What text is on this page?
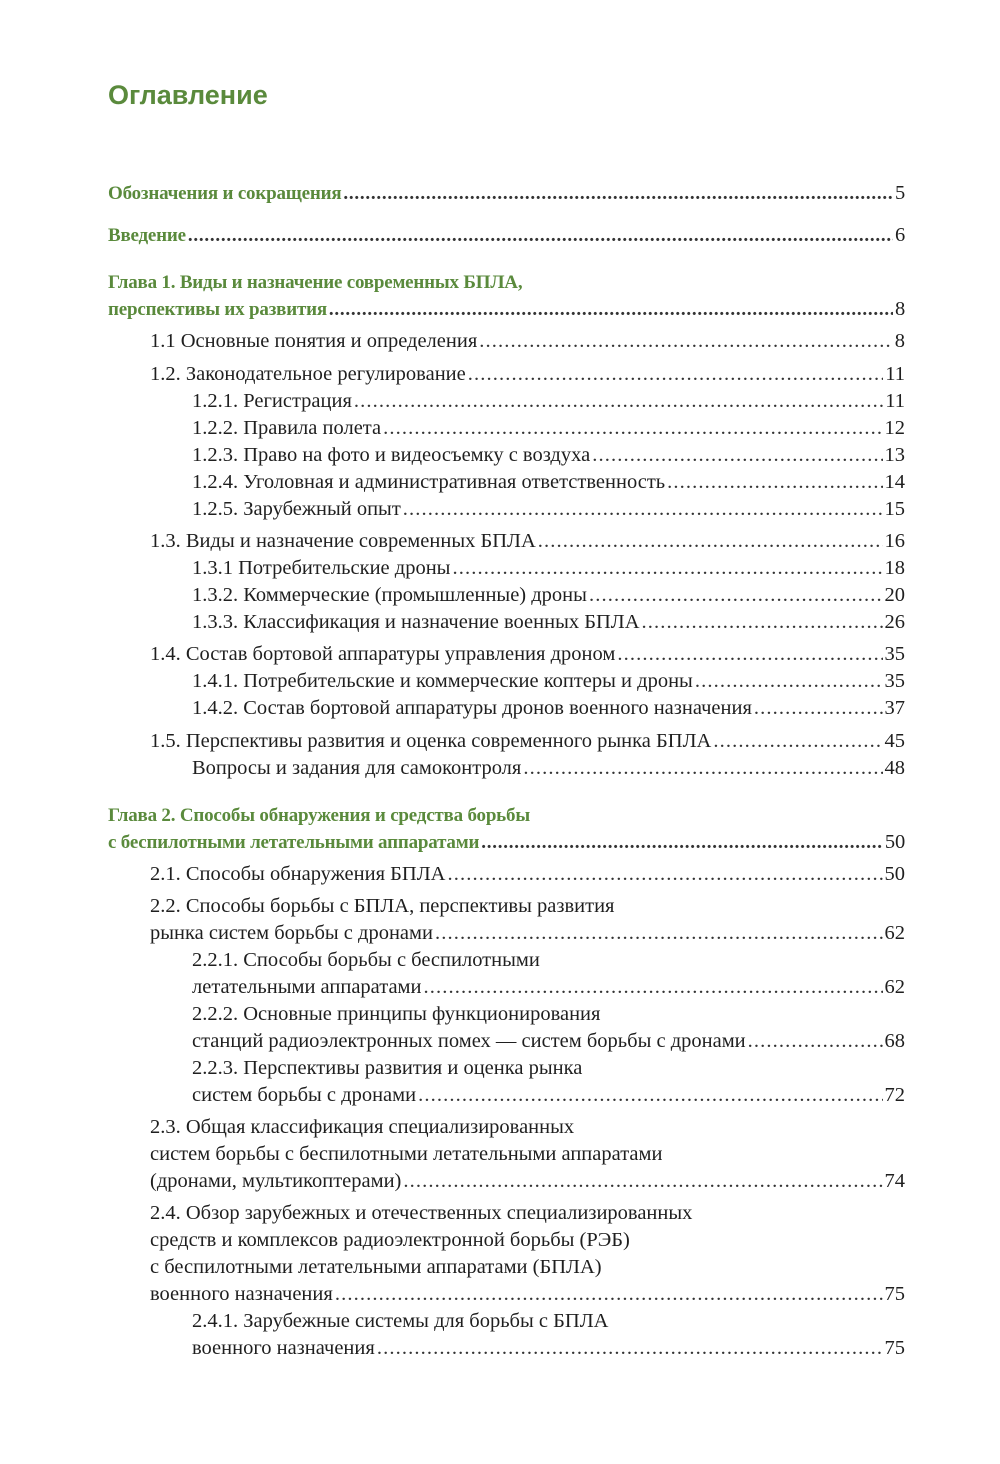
Оглавление
Обозначения и сокращения . . .	5
Введение . . .	6
Глава 1. Виды и назначение современных БПЛА,
перспективы их развития . . .	8
1.1 Основные понятия и определения . . .	8
1.2. Законодательное регулирование . . .	11
1.2.1. Регистрация . . .	11
1.2.2. Правила полета . . .	12
1.2.3. Право на фото и видеосъемку с воздуха . . .	13
1.2.4. Уголовная и административная ответственность . . .	14
1.2.5. Зарубежный опыт . . .	15
1.3. Виды и назначение современных БПЛА . . .	16
1.3.1 Потребительские дроны . . .	18
1.3.2. Коммерческие (промышленные) дроны . . .	20
1.3.3. Классификация и назначение военных БПЛА . . .	26
1.4. Состав бортовой аппаратуры управления дроном . . .	35
1.4.1. Потребительские и коммерческие коптеры и дроны . . .	35
1.4.2. Состав бортовой аппаратуры дронов военного назначения . . .	37
1.5. Перспективы развития и оценка современного рынка БПЛА . . .	45
Вопросы и задания для самоконтроля . . .	48
Глава 2. Способы обнаружения и средства борьбы
с беспилотными летательными аппаратами . . .	50
2.1. Способы обнаружения БПЛА . . .	50
2.2. Способы борьбы с БПЛА, перспективы развития
рынка систем борьбы с дронами . . .	62
2.2.1. Способы борьбы с беспилотными
летательными аппаратами . . .	62
2.2.2. Основные принципы функционирования
станций радиоэлектронных помех — систем борьбы с дронами . . .	68
2.2.3. Перспективы развития и оценка рынка
систем борьбы с дронами . . .	72
2.3. Общая классификация специализированных
систем борьбы с беспилотными летательными аппаратами
(дронами, мультикоптерами) . . .	74
2.4. Обзор зарубежных и отечественных специализированных
средств и комплексов радиоэлектронной борьбы (РЭБ)
с беспилотными летательными аппаратами (БПЛА)
военного назначения . . .	75
2.4.1. Зарубежные системы для борьбы с БПЛА
военного назначения . . .	75
